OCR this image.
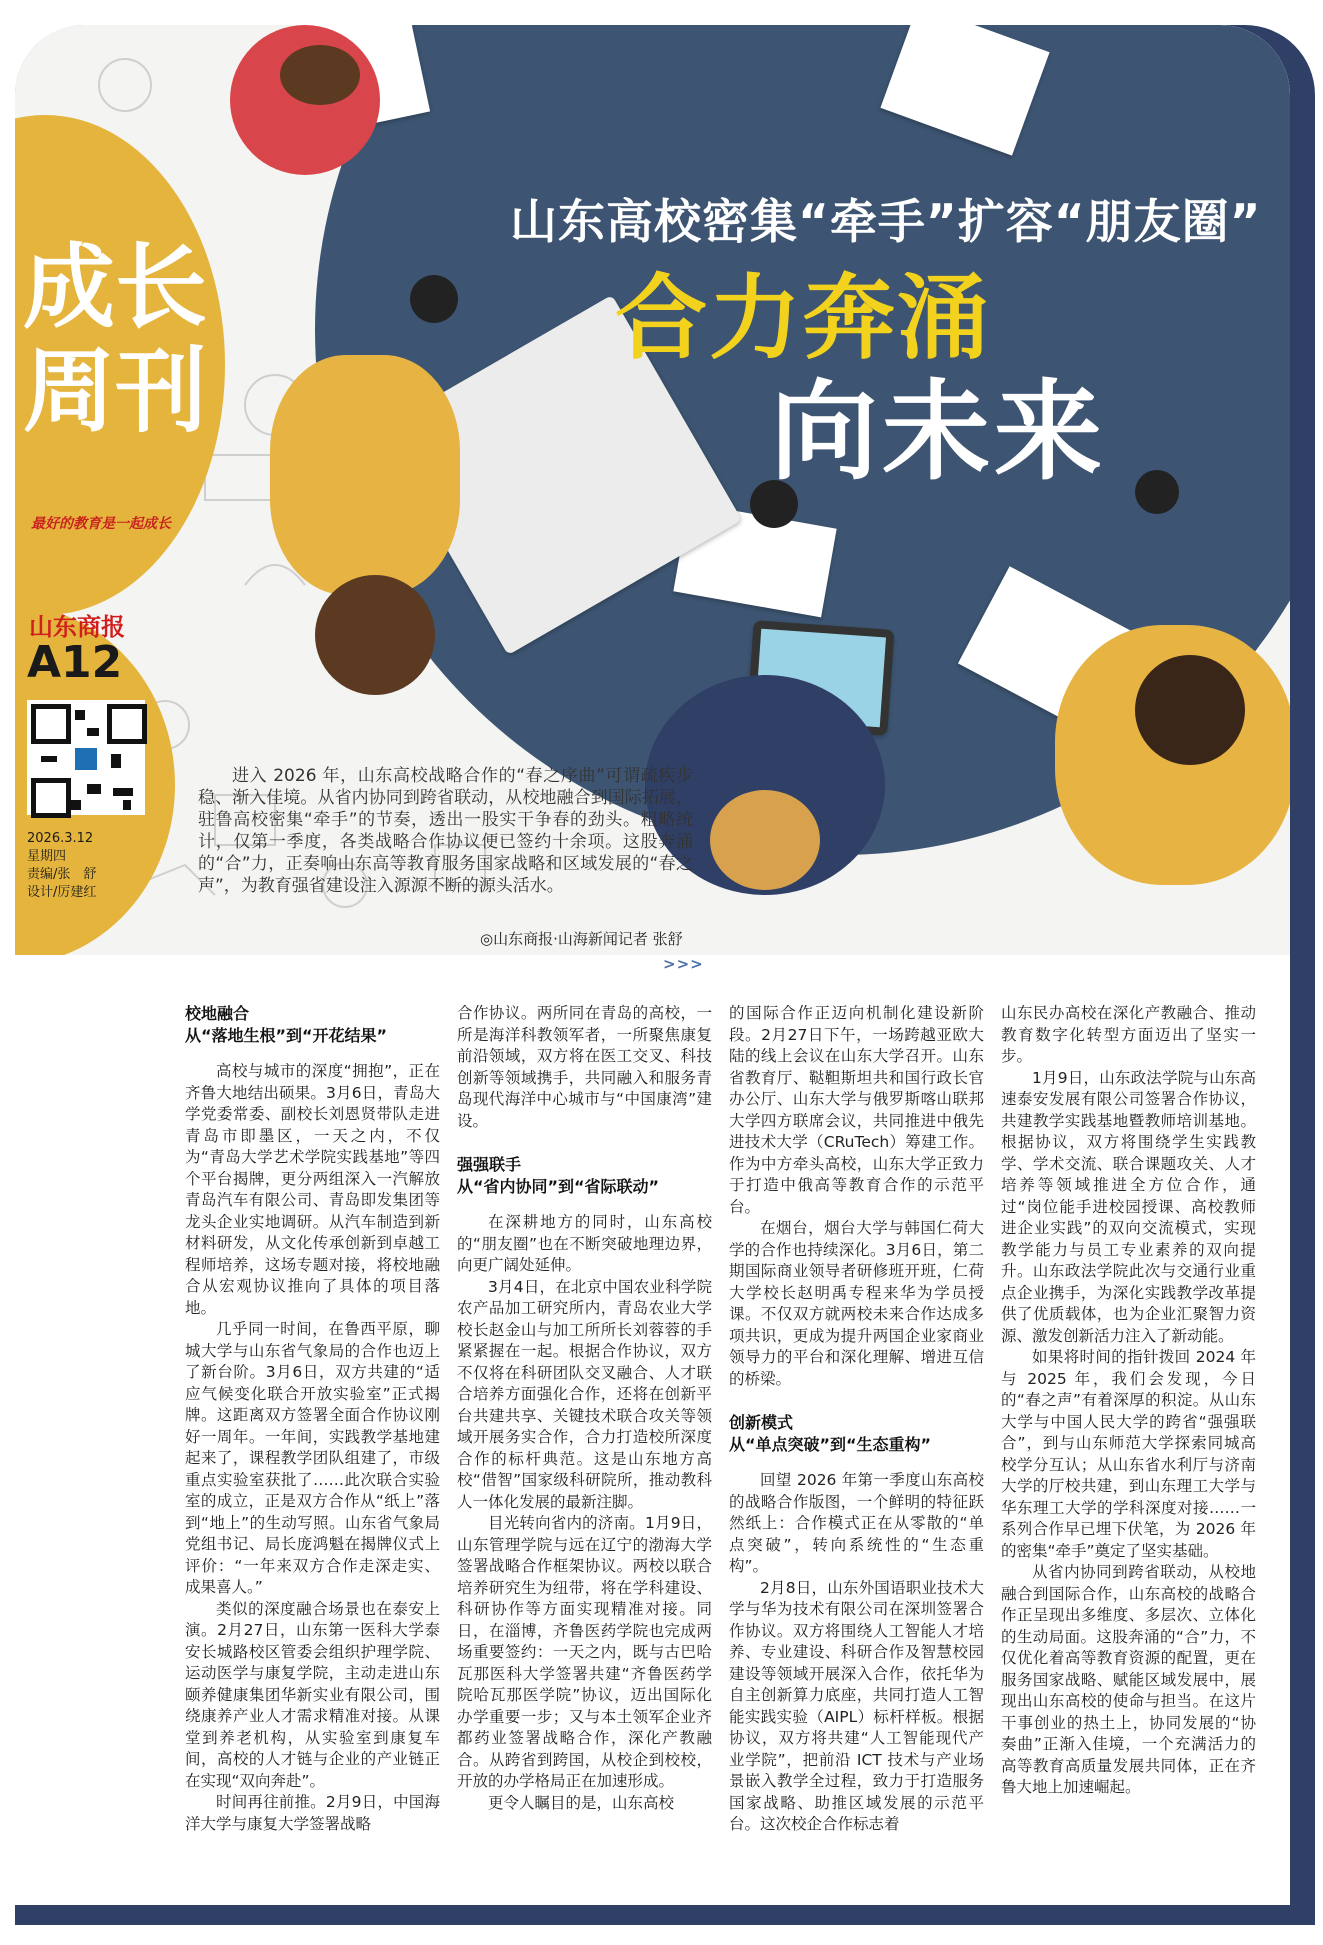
山东高校密集“牵手”扩容“朋友圈”
合力奔涌
向未来
成长
周刊
最好的教育是一起成长
山东商报
A12
2026.3.12
星期四
责编/张　舒
设计/厉建红
进入 2026 年，山东高校战略合作的“春之序曲”可谓疏疾步稳、渐入佳境。从省内协同到跨省联动，从校地融合到国际拓展，驻鲁高校密集“牵手”的节奏，透出一股实干争春的劲头。粗略统计，仅第一季度，各类战略合作协议便已签约十余项。这股奔涌的“合”力，正奏响山东高等教育服务国家战略和区域发展的“春之声”，为教育强省建设注入源源不断的源头活水。
◎山东商报·山海新闻记者 张舒
>>>
校地融合
从“落地生根”到“开花结果”

高校与城市的深度“拥抱”，正在齐鲁大地结出硕果。3月6日，青岛大学党委常委、副校长刘恩贤带队走进青岛市即墨区，一天之内，不仅为“青岛大学艺术学院实践基地”等四个平台揭牌，更分两组深入一汽解放青岛汽车有限公司、青岛即发集团等龙头企业实地调研。从汽车制造到新材料研发，从文化传承创新到卓越工程师培养，这场专题对接，将校地融合从宏观协议推向了具体的项目落地。

几乎同一时间，在鲁西平原，聊城大学与山东省气象局的合作也迈上了新台阶。3月6日，双方共建的“适应气候变化联合开放实验室”正式揭牌。这距离双方签署全面合作协议刚好一周年。一年间，实践教学基地建起来了，课程教学团队组建了，市级重点实验室获批了……此次联合实验室的成立，正是双方合作从“纸上”落到“地上”的生动写照。山东省气象局党组书记、局长庞鸿魁在揭牌仪式上评价：“一年来双方合作走深走实、成果喜人。”

类似的深度融合场景也在泰安上演。2月27日，山东第一医科大学泰安长城路校区管委会组织护理学院、运动医学与康复学院，主动走进山东颐养健康集团华新实业有限公司，围绕康养产业人才需求精准对接。从课堂到养老机构，从实验室到康复车间，高校的人才链与企业的产业链正在实现“双向奔赴”。

时间再往前推。2月9日，中国海洋大学与康复大学签署战略

合作协议。两所同在青岛的高校，一所是海洋科教领军者，一所聚焦康复前沿领域，双方将在医工交叉、科技创新等领域携手，共同融入和服务青岛现代海洋中心城市与“中国康湾”建设。

强强联手
从“省内协同”到“省际联动”

在深耕地方的同时，山东高校的“朋友圈”也在不断突破地理边界，向更广阔处延伸。

3月4日，在北京中国农业科学院农产品加工研究所内，青岛农业大学校长赵金山与加工所所长刘蓉蓉的手紧紧握在一起。根据合作协议，双方不仅将在科研团队交叉融合、人才联合培养方面强化合作，还将在创新平台共建共享、关键技术联合攻关等领域开展务实合作，合力打造校所深度合作的标杆典范。这是山东地方高校“借智”国家级科研院所，推动教科人一体化发展的最新注脚。

目光转向省内的济南。1月9日，山东管理学院与远在辽宁的渤海大学签署战略合作框架协议。两校以联合培养研究生为纽带，将在学科建设、科研协作等方面实现精准对接。同日，在淄博，齐鲁医药学院也完成两场重要签约：一天之内，既与古巴哈瓦那医科大学签署共建“齐鲁医药学院哈瓦那医学院”协议，迈出国际化办学重要一步；又与本土领军企业齐都药业签署战略合作，深化产教融合。从跨省到跨国，从校企到校校，开放的办学格局正在加速形成。

更令人瞩目的是，山东高校

的国际合作正迈向机制化建设新阶段。2月27日下午，一场跨越亚欧大陆的线上会议在山东大学召开。山东省教育厅、鞑靼斯坦共和国行政长官办公厅、山东大学与俄罗斯喀山联邦大学四方联席会议，共同推进中俄先进技术大学（CRuTech）筹建工作。作为中方牵头高校，山东大学正致力于打造中俄高等教育合作的示范平台。

在烟台，烟台大学与韩国仁荷大学的合作也持续深化。3月6日，第二期国际商业领导者研修班开班，仁荷大学校长赵明禹专程来华为学员授课。不仅双方就两校未来合作达成多项共识，更成为提升两国企业家商业领导力的平台和深化理解、增进互信的桥梁。

创新模式
从“单点突破”到“生态重构”

回望 2026 年第一季度山东高校的战略合作版图，一个鲜明的特征跃然纸上：合作模式正在从零散的“单点突破”，转向系统性的“生态重构”。

2月8日，山东外国语职业技术大学与华为技术有限公司在深圳签署合作协议。双方将围绕人工智能人才培养、专业建设、科研合作及智慧校园建设等领域开展深入合作，依托华为自主创新算力底座，共同打造人工智能实践实验（AIPL）标杆样板。根据协议，双方将共建“人工智能现代产业学院”，把前沿 ICT 技术与产业场景嵌入教学全过程，致力于打造服务国家战略、助推区域发展的示范平台。这次校企合作标志着

山东民办高校在深化产教融合、推动教育数字化转型方面迈出了坚实一步。

1月9日，山东政法学院与山东高速泰安发展有限公司签署合作协议，共建教学实践基地暨教师培训基地。根据协议，双方将围绕学生实践教学、学术交流、联合课题攻关、人才培养等领域推进全方位合作，通过“岗位能手进校园授课、高校教师进企业实践”的双向交流模式，实现教学能力与员工专业素养的双向提升。山东政法学院此次与交通行业重点企业携手，为深化实践教学改革提供了优质载体，也为企业汇聚智力资源、激发创新活力注入了新动能。

如果将时间的指针拨回 2024 年与 2025 年，我们会发现，今日的“春之声”有着深厚的积淀。从山东大学与中国人民大学的跨省“强强联合”，到与山东师范大学探索同城高校学分互认；从山东省水利厅与济南大学的厅校共建，到山东理工大学与华东理工大学的学科深度对接……一系列合作早已埋下伏笔，为 2026 年的密集“牵手”奠定了坚实基础。

从省内协同到跨省联动，从校地融合到国际合作，山东高校的战略合作正呈现出多维度、多层次、立体化的生动局面。这股奔涌的“合”力，不仅优化着高等教育资源的配置，更在服务国家战略、赋能区域发展中，展现出山东高校的使命与担当。在这片干事创业的热土上，协同发展的“协奏曲”正渐入佳境，一个充满活力的高等教育高质量发展共同体，正在齐鲁大地上加速崛起。
